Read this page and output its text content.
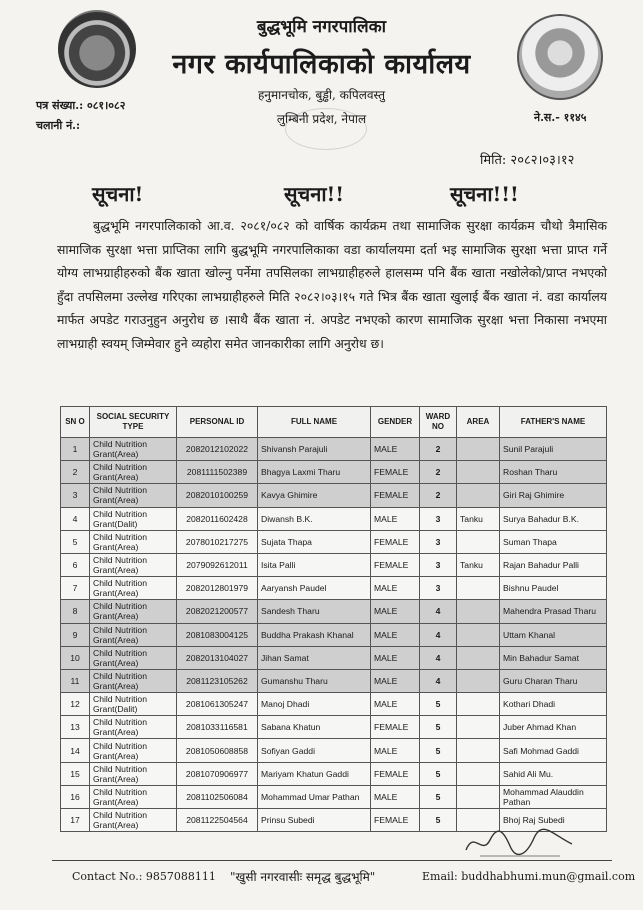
बुद्धभूमि नगरपालिका
नगर कार्यपालिकाको कार्यालय
हनुमानचोक, बुड्ढी, कपिलवस्तु
लुम्बिनी प्रदेश, नेपाल
पत्र संख्या.: ०८१।०८२
चलानी नं.:
ने.स.- ११४५
मिति: २०८२।०३।१२
सूचना!	सूचना!!	सूचना!!!
बुद्धभूमि नगरपालिकाको आ.व. २०८१/०८२ को वार्षिक कार्यक्रम तथा सामाजिक सुरक्षा कार्यक्रम चौथो त्रैमासिक सामाजिक सुरक्षा भत्ता प्राप्तिका लागि बुद्धभूमि नगरपालिकाका वडा कार्यालयमा दर्ता भइ सामाजिक सुरक्षा भत्ता प्राप्त गर्ने योग्य लाभग्राहीहरुको बैंक खाता खोल्नु पर्नेमा तपसिलका लाभग्राहीहरुले हालसम्म पनि बैंक खाता नखोलेको/प्राप्त नभएको हुँदा तपसिलमा उल्लेख गरिएका लाभग्राहीहरुले मिति २०८२।०३।१५ गते भित्र बैंक खाता खुलाई बैंक खाता नं. वडा कार्यालय मार्फत अपडेट गराउनुहुन अनुरोध छ ।साथै बैंक खाता नं. अपडेट नभएको कारण सामाजिक सुरक्षा भत्ता निकासा नभएमा लाभग्राही स्वयम् जिम्मेवार हुने व्यहोरा समेत जानकारीका लागि अनुरोध छ।
SN O	SOCIAL SECURITY TYPE	PERSONAL ID	FULL NAME	GENDER	WARD NO	AREA	FATHER'S NAME
1	Child Nutrition Grant(Area)	2082012102022	Shivansh Parajuli	MALE	2		Sunil Parajuli
2	Child Nutrition Grant(Area)	2081111502389	Bhagya Laxmi Tharu	FEMALE	2		Roshan Tharu
3	Child Nutrition Grant(Area)	2082010100259	Kavya Ghimire	FEMALE	2		Giri Raj Ghimire
4	Child Nutrition Grant(Dalit)	2082011602428	Diwansh B.K.	MALE	3	Tanku	Surya Bahadur B.K.
5	Child Nutrition Grant(Area)	2078010217275	Sujata Thapa	FEMALE	3		Suman Thapa
6	Child Nutrition Grant(Area)	2079092612011	Isita Palli	FEMALE	3	Tanku	Rajan Bahadur Palli
7	Child Nutrition Grant(Area)	2082012801979	Aaryansh Paudel	MALE	3		Bishnu Paudel
8	Child Nutrition Grant(Area)	2082021200577	Sandesh Tharu	MALE	4		Mahendra Prasad Tharu
9	Child Nutrition Grant(Area)	2081083004125	Buddha Prakash Khanal	MALE	4		Uttam Khanal
10	Child Nutrition Grant(Area)	2082013104027	Jihan Samat	MALE	4		Min Bahadur Samat
11	Child Nutrition Grant(Area)	2081123105262	Gumanshu Tharu	MALE	4		Guru Charan Tharu
12	Child Nutrition Grant(Dalit)	2081061305247	Manoj Dhadi	MALE	5		Kothari Dhadi
13	Child Nutrition Grant(Area)	2081033116581	Sabana Khatun	FEMALE	5		Juber Ahmad Khan
14	Child Nutrition Grant(Area)	2081050608858	Sofiyan Gaddi	MALE	5		Safi Mohmad Gaddi
15	Child Nutrition Grant(Area)	2081070906977	Mariyam Khatun Gaddi	FEMALE	5		Sahid Ali Mu.
16	Child Nutrition Grant(Area)	2081102506084	Mohammad Umar Pathan	MALE	5		Mohammad Alauddin Pathan
17	Child Nutrition Grant(Area)	2081122504564	Prinsu Subedi	FEMALE	5		Bhoj Raj Subedi
Contact No.: 9857088111 "खुसी नगरवासीः समृद्ध बुद्धभूमि"	Email: buddhabhumi.mun@gmail.com
